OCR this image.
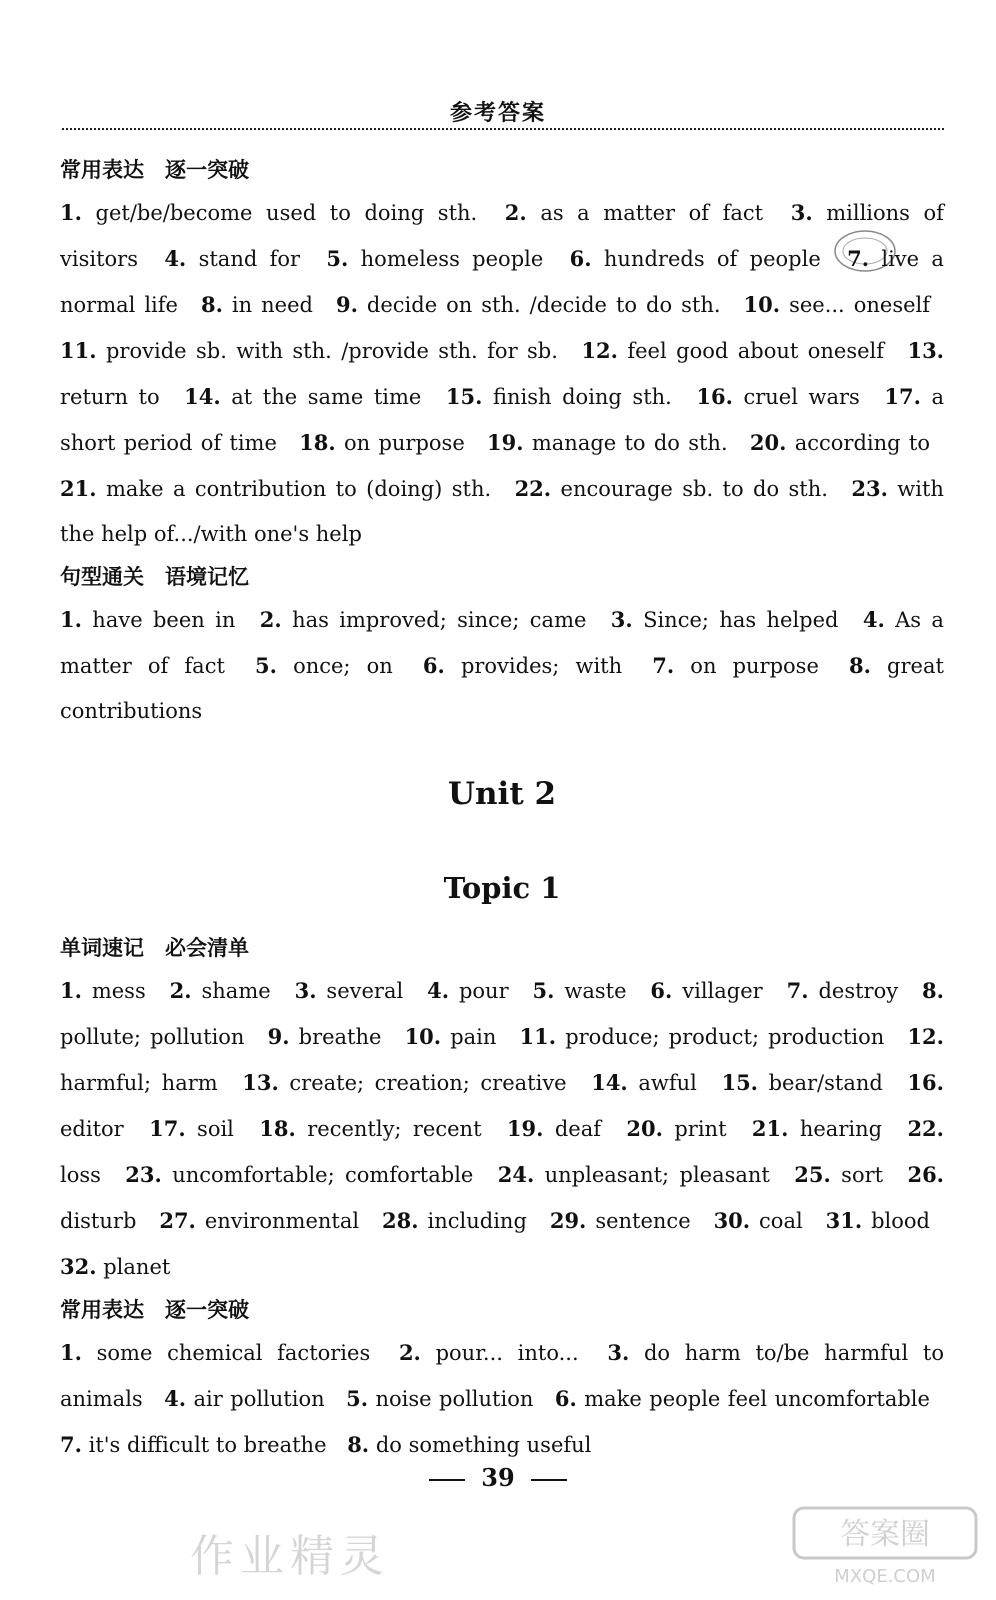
参考答案
常用表达　逐一突破
1. get/be/become used to doing sth. 2. as a matter of fact 3. millions of visitors 4. stand for 5. homeless people 6. hundreds of people 7. live a normal life 8. in need 9. decide on sth. /decide to do sth. 10. see... oneself 11. provide sb. with sth. /provide sth. for sb. 12. feel good about oneself 13. return to 14. at the same time 15. finish doing sth. 16. cruel wars 17. a short period of time 18. on purpose 19. manage to do sth. 20. according to 21. make a contribution to (doing) sth. 22. encourage sb. to do sth. 23. with the help of.../with one's help
句型通关　语境记忆
1. have been in 2. has improved; since; came 3. Since; has helped 4. As a matter of fact 5. once; on 6. provides; with 7. on purpose 8. great contributions
Unit 2
Topic 1
单词速记　必会清单
1. mess 2. shame 3. several 4. pour 5. waste 6. villager 7. destroy 8. pollute; pollution 9. breathe 10. pain 11. produce; product; production 12. harmful; harm 13. create; creation; creative 14. awful 15. bear/stand 16. editor 17. soil 18. recently; recent 19. deaf 20. print 21. hearing 22. loss 23. uncomfortable; comfortable 24. unpleasant; pleasant 25. sort 26. disturb 27. environmental 28. including 29. sentence 30. coal 31. blood 32. planet
常用表达　逐一突破
1. some chemical factories 2. pour... into... 3. do harm to/be harmful to animals 4. air pollution 5. noise pollution 6. make people feel uncomfortable 7. it's difficult to breathe 8. do something useful
39
作业精灵	答案圈
MXQE.COM
